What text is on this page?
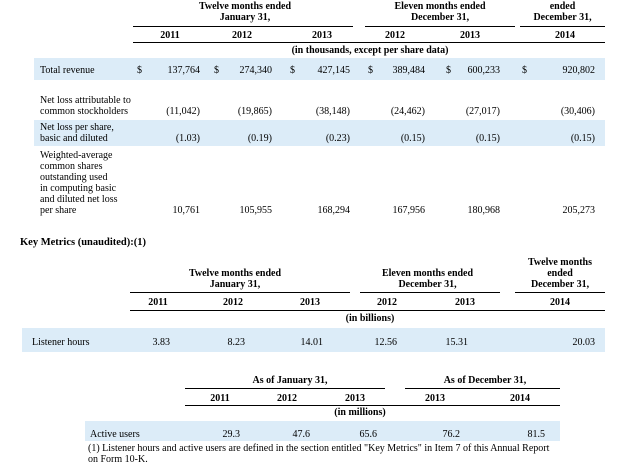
Twelve months ended
January 31,
Eleven months ended
December 31,
ended
December 31,
2011	2012	2013	2012	2013	2014
(in thousands, except per share data)
Total revenue	$	137,764 $	274,340 $	427,145 $	389,484 $	600,233 $	920,802
Net loss attributable to
common stockholders	(11,042)	(19,865)	(38,148)	(24,462)	(27,017)	(30,406)
Net loss per share,
basic and diluted	(1.03)	(0.19)	(0.23)	(0.15)	(0.15)	(0.15)
Weighted-average
common shares
outstanding used
in computing basic
and diluted net loss
per share	10,761	105,955	168,294	167,956	180,968	205,273
Key Metrics (unaudited):(1)
Twelve months ended
January 31,
Eleven months ended
December 31,
Twelve months
ended
December 31,
2011	2012	2013	2012	2013	2014
(in billions)
Listener hours	3.83	8.23	14.01	12.56	15.31	20.03
As of January 31,	As of December 31,
2011	2012	2013	2013	2014
(in millions)
Active users	29.3	47.6	65.6	76.2	81.5
(1) Listener hours and active users are defined in the section entitled "Key Metrics" in Item 7 of this Annual Report
on Form 10-K.
